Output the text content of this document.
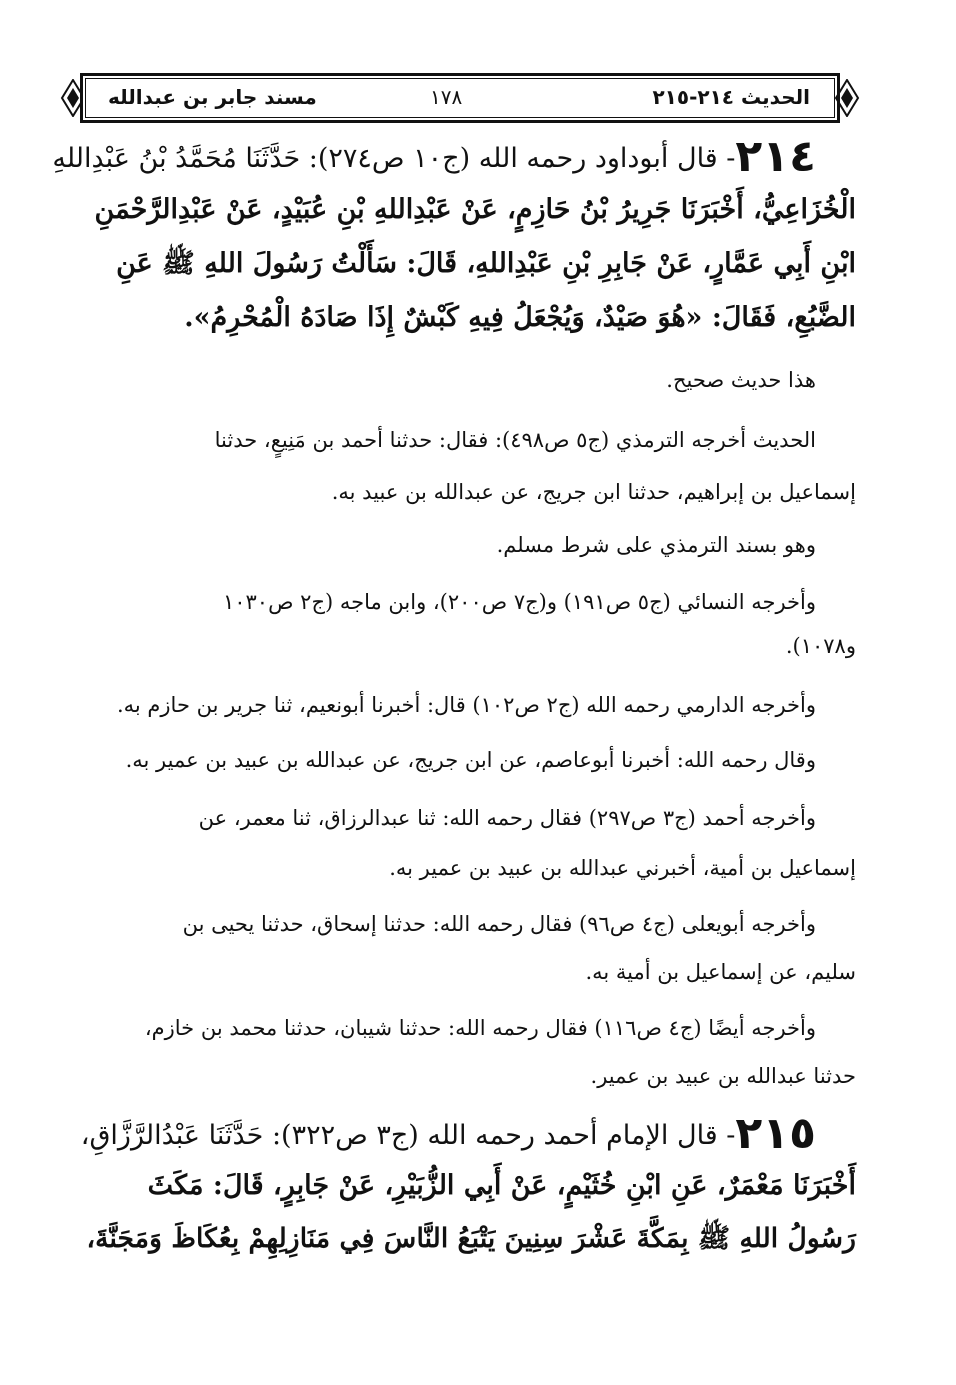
الحديث ٢١٤-٢١٥
١٧٨
مسند جابر بن عبدالله
٢١٤- قال أبوداود رحمه الله (ج١٠ ص٢٧٤): حَدَّثَنَا مُحَمَّدُ بْنُ عَبْدِاللهِ
الْخُزَاعِيُّ، أَخْبَرَنَا جَرِيرُ بْنُ حَازِمٍ، عَنْ عَبْدِاللهِ بْنِ عُبَيْدٍ، عَنْ عَبْدِالرَّحْمَنِ
ابْنِ أَبِي عَمَّارٍ، عَنْ جَابِرِ بْنِ عَبْدِاللهِ، قَالَ: سَأَلْتُ رَسُولَ اللهِ ﷺ عَنِ
الضَّبُعِ، فَقَالَ: «هُوَ صَيْدٌ، وَيُجْعَلُ فِيهِ كَبْشٌ إِذَا صَادَهُ الْمُحْرِمُ».
هذا حديث صحيح.
الحديث أخرجه الترمذي (ج٥ ص٤٩٨): فقال: حدثنا أحمد بن مَنِيعٍ، حدثنا
إسماعيل بن إبراهيم، حدثنا ابن جريج، عن عبدالله بن عبيد به.
وهو بسند الترمذي على شرط مسلم.
وأخرجه النسائي (ج٥ ص١٩١) و(ج٧ ص٢٠٠)، وابن ماجه (ج٢ ص١٠٣٠
و١٠٧٨).
وأخرجه الدارمي رحمه الله (ج٢ ص١٠٢) قال: أخبرنا أبونعيم، ثنا جرير بن حازم به.
وقال رحمه الله: أخبرنا أبوعاصم، عن ابن جريج، عن عبدالله بن عبيد بن عمير به.
وأخرجه أحمد (ج٣ ص٢٩٧) فقال رحمه الله: ثنا عبدالرزاق، ثنا معمر، عن
إسماعيل بن أمية، أخبرني عبدالله بن عبيد بن عمير به.
وأخرجه أبويعلى (ج٤ ص٩٦) فقال رحمه الله: حدثنا إسحاق، حدثنا يحيى بن
سليم، عن إسماعيل بن أمية به.
وأخرجه أيضًا (ج٤ ص١١٦) فقال رحمه الله: حدثنا شيبان، حدثنا محمد بن خازم،
حدثنا عبدالله بن عبيد بن عمير.
٢١٥- قال الإمام أحمد رحمه الله (ج٣ ص٣٢٢): حَدَّثَنَا عَبْدُالرَّزَّاقِ،
أَخْبَرَنَا مَعْمَرٌ، عَنِ ابْنِ خُثَيْمٍ، عَنْ أَبِي الزُّبَيْرِ، عَنْ جَابِرٍ، قَالَ: مَكَثَ
رَسُولُ اللهِ ﷺ بِمَكَّةَ عَشْرَ سِنِينَ يَتْبَعُ النَّاسَ فِي مَنَازِلِهِمْ بِعُكَاظَ وَمَجَنَّةَ،
